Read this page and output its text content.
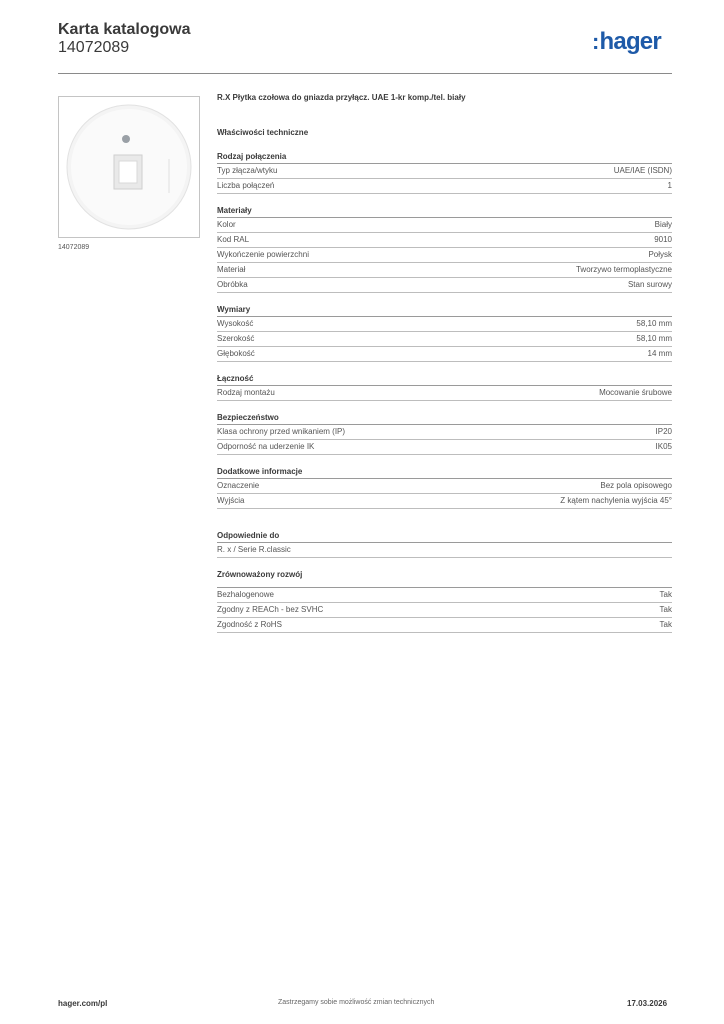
Karta katalogowa
14072089	:hager
14072089
R.X Płytka czołowa do gniazda przyłącz. UAE 1-kr komp./tel. biały
Właściwości techniczne
Rodzaj połączenia
Typ złącza/wtyku	UAE/IAE (ISDN)
Liczba połączeń	1
Materiały
Kolor	Biały
Kod RAL	9010
Wykończenie powierzchni	Połysk
Materiał	Tworzywo termoplastyczne
Obróbka	Stan surowy
Wymiary
Wysokość	58,10 mm
Szerokość	58,10 mm
Głębokość	14 mm
Łączność
Rodzaj montażu	Mocowanie śrubowe
Bezpieczeństwo
Klasa ochrony przed wnikaniem (IP)	IP20
Odporność na uderzenie IK	IK05
Dodatkowe informacje
Oznaczenie	Bez pola opisowego
Wyjścia	Z kątem nachylenia wyjścia 45°
Odpowiednie do
R. x / Serie R.classic
Zrównoważony rozwój
Bezhalogenowe	Tak
Zgodny z REACh - bez SVHC	Tak
Zgodność z RoHS	Tak
hager.com/pl	Zastrzegamy sobie możliwość zmian technicznych	17.03.2026
